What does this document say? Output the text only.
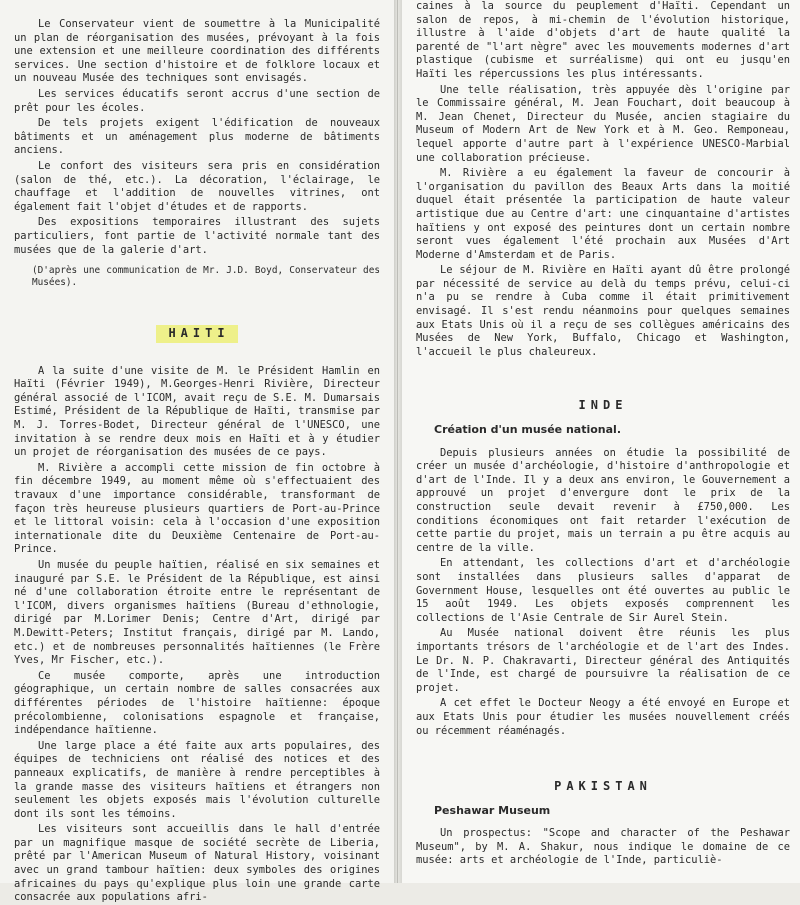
Le Conservateur vient de soumettre à la Municipalité un plan de réorganisation des musées, prévoyant à la fois une extension et une meilleure coordination des différents services. Une section d'histoire et de folklore locaux et un nouveau Musée des techniques sont envisagés.

Les services éducatifs seront accrus d'une section de prêt pour les écoles.

De tels projets exigent l'édification de nouveaux bâtiments et un aménagement plus moderne de bâtiments anciens.

Le confort des visiteurs sera pris en considération (salon de thé, etc.). La décoration, l'éclairage, le chauffage et l'addition de nouvelles vitrines, ont également fait l'objet d'études et de rapports.

Des expositions temporaires illustrant des sujets particuliers, font partie de l'activité normale tant des musées que de la galerie d'art.

(D'après une communication de Mr. J.D. Boyd, Conservateur des Musées).

HAITI

A la suite d'une visite de M. le Président Hamlin en Haïti (Février 1949), M.Georges-Henri Rivière, Directeur général associé de l'ICOM, avait reçu de S.E. M. Dumarsais Estimé, Président de la République de Haïti, transmise par M. J. Torres-Bodet, Directeur général de l'UNESCO, une invitation à se rendre deux mois en Haïti et à y étudier un projet de réorganisation des musées de ce pays.

M. Rivière a accompli cette mission de fin octobre à fin décembre 1949, au moment même où s'effectuaient des travaux d'une importance considérable, transformant de façon très heureuse plusieurs quartiers de Port-au-Prince et le littoral voisin: cela à l'occasion d'une exposition internationale dite du Deuxième Centenaire de Port-au-Prince.

Un musée du peuple haïtien, réalisé en six semaines et inauguré par S.E. le Président de la République, est ainsi né d'une collaboration étroite entre le représentant de l'ICOM, divers organismes haïtiens (Bureau d'ethnologie, dirigé par M.Lorimer Denis; Centre d'Art, dirigé par M.Dewitt-Peters; Institut français, dirigé par M. Lando, etc.) et de nombreuses personnalités haïtiennes (le Frère Yves, Mr Fischer, etc.).

Ce musée comporte, après une introduction géographique, un certain nombre de salles consacrées aux différentes périodes de l'histoire haïtienne: époque précolombienne, colonisations espagnole et française, indépendance haïtienne.

Une large place a été faite aux arts populaires, des équipes de techniciens ont réalisé des notices et des panneaux explicatifs, de manière à rendre perceptibles à la grande masse des visiteurs haïtiens et étrangers non seulement les objets exposés mais l'évolution culturelle dont ils sont les témoins.

Les visiteurs sont accueillis dans le hall d'entrée par un magnifique masque de société secrète de Liberia, prêté par l'American Museum of Natural History, voisinant avec un grand tambour haïtien: deux symboles des origines africaines du pays qu'explique plus loin une grande carte consacrée aux populations afri-

caines à la source du peuplement d'Haïti. Cependant un salon de repos, à mi-chemin de l'évolution historique, illustre à l'aide d'objets d'art de haute qualité la parenté de "l'art nègre" avec les mouvements modernes d'art plastique (cubisme et surréalisme) qui ont eu jusqu'en Haïti les répercussions les plus intéressants.

Une telle réalisation, très appuyée dès l'origine par le Commissaire général, M. Jean Fouchart, doit beaucoup à M. Jean Chenet, Directeur du Musée, ancien stagiaire du Museum of Modern Art de New York et à M. Geo. Remponeau, lequel apporte d'autre part à l'expérience UNESCO-Marbial une collaboration précieuse.

M. Rivière a eu également la faveur de concourir à l'organisation du pavillon des Beaux Arts dans la moitié duquel était présentée la participation de haute valeur artistique due au Centre d'art: une cinquantaine d'artistes haïtiens y ont exposé des peintures dont un certain nombre seront vues également l'été prochain aux Musées d'Art Moderne d'Amsterdam et de Paris.

Le séjour de M. Rivière en Haïti ayant dû être prolongé par nécessité de service au delà du temps prévu, celui-ci n'a pu se rendre à Cuba comme il était primitivement envisagé. Il s'est rendu néanmoins pour quelques semaines aux Etats Unis où il a reçu de ses collègues américains des Musées de New York, Buffalo, Chicago et Washington, l'accueil le plus chaleureux.

INDE
Création d'un musée national.

Depuis plusieurs années on étudie la possibilité de créer un musée d'archéologie, d'histoire d'anthropologie et d'art de l'Inde. Il y a deux ans environ, le Gouvernement a approuvé un projet d'envergure dont le prix de la construction seule devait revenir à £750,000. Les conditions économiques ont fait retarder l'exécution de cette partie du projet, mais un terrain a pu être acquis au centre de la ville.

En attendant, les collections d'art et d'archéologie sont installées dans plusieurs salles d'apparat de Government House, lesquelles ont été ouvertes au public le 15 août 1949. Les objets exposés comprennent les collections de l'Asie Centrale de Sir Aurel Stein.

Au Musée national doivent être réunis les plus importants trésors de l'archéologie et de l'art des Indes. Le Dr. N. P. Chakravarti, Directeur général des Antiquités de l'Inde, est chargé de poursuivre la réalisation de ce projet.

A cet effet le Docteur Neogy a été envoyé en Europe et aux Etats Unis pour étudier les musées nouvellement créés ou récemment réaménagés.

PAKISTAN
Peshawar Museum

Un prospectus: "Scope and character of the Peshawar Museum", by M. A. Shakur, nous indique le domaine de ce musée: arts et archéologie de l'Inde, particuliè-
